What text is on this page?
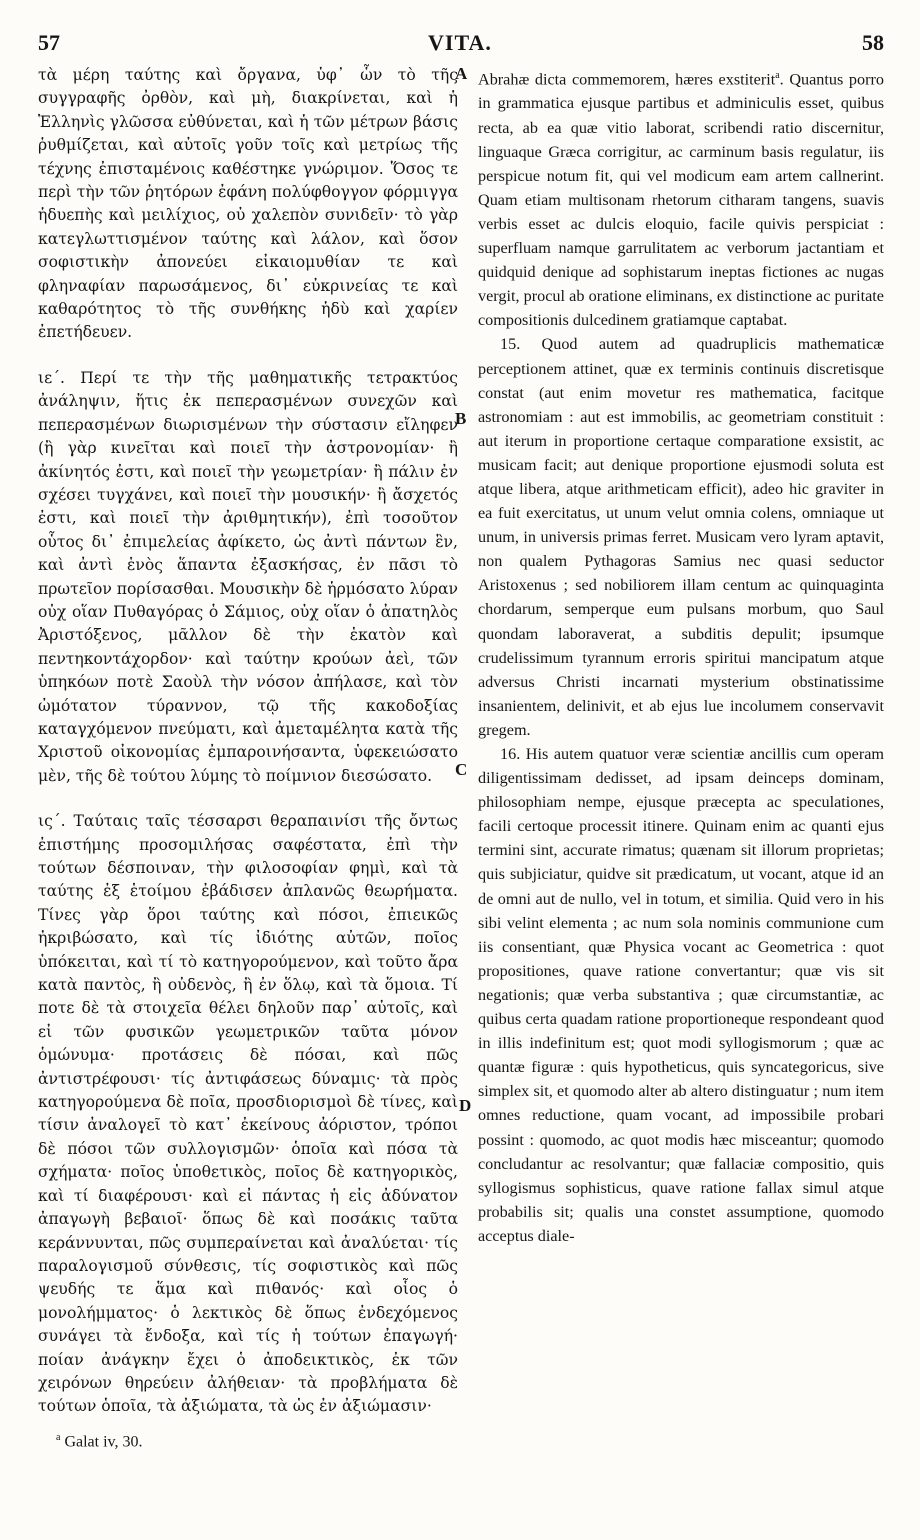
57	VITA.	58

τὰ μέρη ταύτης καὶ ὄργανα, ὑφ᾽ ὧν τὸ τῆς συγγραφῆς ὀρθὸν, καὶ μὴ, διακρίνεται, καὶ ἡ Ἑλληνὶς γλῶσσα εὐθύνεται, καὶ ἡ τῶν μέτρων βάσις ῥυθμίζεται, καὶ αὐτοῖς γοῦν τοῖς καὶ μετρίως τῆς τέχνης ἐπισταμένοις καθέστηκε γνώριμον. Ὅσος τε περὶ τὴν τῶν ῥητόρων ἐφάνη πολύφθογγον φόρμιγγα ἡδυεπὴς καὶ μειλίχιος, οὐ χαλεπὸν συνιδεῖν· τὸ γὰρ κατεγλωττισμένον ταύτης καὶ λάλον, καὶ ὅσον σοφιστικὴν ἀπονεύει εἰκαιομυθίαν τε καὶ φληναφίαν παρωσάμενος, δι᾽ εὐκρινείας τε καὶ καθαρότητος τὸ τῆς συνθήκης ἡδὺ καὶ χαρίεν ἐπετήδευεν.

ιε΄. Περί τε τὴν τῆς μαθηματικῆς τετρακτύος ἀνάληψιν, ἥτις ἐκ πεπερασμένων συνεχῶν καὶ πεπερασμένων διωρισμένων τὴν σύστασιν εἴληφεν (ἢ γὰρ κινεῖται καὶ ποιεῖ τὴν ἀστρονομίαν· ἢ ἀκίνητός ἐστι, καὶ ποιεῖ τὴν γεωμετρίαν· ἢ πάλιν ἐν σχέσει τυγχάνει, καὶ ποιεῖ τὴν μουσικήν· ἢ ἄσχετός ἐστι, καὶ ποιεῖ τὴν ἀριθμητικήν), ἐπὶ τοσοῦτον οὗτος δι᾽ ἐπιμελείας ἀφίκετο, ὡς ἀντὶ πάντων ἓν, καὶ ἀντὶ ἑνὸς ἅπαντα ἐξασκήσας, ἐν πᾶσι τὸ πρωτεῖον πορίσασθαι. Μουσικὴν δὲ ἡρμόσατο λύραν οὐχ οἵαν Πυθαγόρας ὁ Σάμιος, οὐχ οἵαν ὁ ἀπατηλὸς Ἀριστόξενος, μᾶλλον δὲ τὴν ἑκατὸν καὶ πεντηκοντάχορδον· καὶ ταύτην κρούων ἀεὶ, τῶν ὑπηκόων ποτὲ Σαοὺλ τὴν νόσον ἀπήλασε, καὶ τὸν ὠμότατον τύραννον, τῷ τῆς κακοδοξίας καταγχόμενον πνεύματι, καὶ ἀμεταμέλητα κατὰ τῆς Χριστοῦ οἰκονομίας ἐμπαροινήσαντα, ὑφεκειώσατο μὲν, τῆς δὲ τούτου λύμης τὸ ποίμνιον διεσώσατο.

ις΄. Ταύταις ταῖς τέσσαρσι θεραπαινίσι τῆς ὄντως ἐπιστήμης προσομιλήσας σαφέστατα, ἐπὶ τὴν τούτων δέσποιναν, τὴν φιλοσοφίαν φημὶ, καὶ τὰ ταύτης ἐξ ἑτοίμου ἐβάδισεν ἀπλανῶς θεωρήματα. Τίνες γὰρ ὅροι ταύτης καὶ πόσοι, ἐπιεικῶς ἠκριβώσατο, καὶ τίς ἰδιότης αὐτῶν, ποῖος ὑπόκειται, καὶ τί τὸ κατηγορούμενον, καὶ τοῦτο ἄρα κατὰ παντὸς, ἢ οὐδενὸς, ἢ ἐν ὅλῳ, καὶ τὰ ὅμοια. Τί ποτε δὲ τὰ στοιχεῖα θέλει δηλοῦν παρ᾽ αὐτοῖς, καὶ εἰ τῶν φυσικῶν γεωμετρικῶν ταῦτα μόνον ὁμώνυμα· προτάσεις δὲ πόσαι, καὶ πῶς ἀντιστρέφουσι· τίς ἀντιφάσεως δύναμις· τὰ πρὸς κατηγορούμενα δὲ ποῖα, προσδιορισμοὶ δὲ τίνες, καὶ τίσιν ἀναλογεῖ τὸ κατ᾽ ἐκείνους ἀόριστον, τρόποι δὲ πόσοι τῶν συλλογισμῶν· ὁποῖα καὶ πόσα τὰ σχήματα· ποῖος ὑποθετικὸς, ποῖος δὲ κατηγορικὸς, καὶ τί διαφέρουσι· καὶ εἰ πάντας ἡ εἰς ἀδύνατον ἀπαγωγὴ βεβαιοῖ· ὅπως δὲ καὶ ποσάκις ταῦτα κεράννυνται, πῶς συμπεραίνεται καὶ ἀναλύεται· τίς παραλογισμοῦ σύνθεσις, τίς σοφιστικὸς καὶ πῶς ψευδής τε ἅμα καὶ πιθανός· καὶ οἷος ὁ μονολήμματος· ὁ λεκτικὸς δὲ ὅπως ἐνδεχόμενος συνάγει τὰ ἔνδοξα, καὶ τίς ἡ τούτων ἐπαγωγή· ποίαν ἀνάγκην ἔχει ὁ ἀποδεικτικὸς, ἐκ τῶν χειρόνων θηρεύειν ἀλήθειαν· τὰ προβλήματα δὲ τούτων ὁποῖα, τὰ ἀξιώματα, τὰ ὡς ἐν ἀξιώμασιν·

A
B
C
D

Abrahæ dicta commemorem, hæres exstiterit$^a$. Quantus porro in grammatica ejusque partibus et adminiculis esset, quibus recta, ab ea quæ vitio laborat, scribendi ratio discernitur, linguaque Græca corrigitur, ac carminum basis regulatur, iis perspicue notum fit, qui vel modicum eam artem callnerint. Quam etiam multisonam rhetorum citharam tangens, suavis verbis esset ac dulcis eloquio, facile quivis perspiciat : superfluam namque garrulitatem ac verborum jactantiam et quidquid denique ad sophistarum ineptas fictiones ac nugas vergit, procul ab oratione eliminans, ex distinctione ac puritate compositionis dulcedinem gratiamque captabat.

15. Quod autem ad quadruplicis mathematicæ perceptionem attinet, quæ ex terminis continuis discretisque constat (aut enim movetur res mathematica, facitque astronomiam : aut est immobilis, ac geometriam constituit : aut iterum in proportione certaque comparatione exsistit, ac musicam facit; aut denique proportione ejusmodi soluta est atque libera, atque arithmeticam efficit), adeo hic graviter in ea fuit exercitatus, ut unum velut omnia colens, omniaque ut unum, in universis primas ferret. Musicam vero lyram aptavit, non qualem Pythagoras Samius nec quasi seductor Aristoxenus ; sed nobiliorem illam centum ac quinquaginta chordarum, semperque eum pulsans morbum, quo Saul quondam laboraverat, a subditis depulit; ipsumque crudelissimum tyrannum erroris spiritui mancipatum atque adversus Christi incarnati mysterium obstinatissime insanientem, delinivit, et ab ejus lue incolumem conservavit gregem.

16. His autem quatuor veræ scientiæ ancillis cum operam diligentissimam dedisset, ad ipsam deinceps dominam, philosophiam nempe, ejusque præcepta ac speculationes, facili certoque processit itinere. Quinam enim ac quanti ejus termini sint, accurate rimatus; quænam sit illorum proprietas; quis subjiciatur, quidve sit prædicatum, ut vocant, atque id an de omni aut de nullo, vel in totum, et similia. Quid vero in his sibi velint elementa ; ac num sola nominis communione cum iis consentiant, quæ Physica vocant ac Geometrica : quot propositiones, quave ratione convertantur; quæ vis sit negationis; quæ verba substantiva ; quæ circumstantiæ, ac quibus certa quadam ratione proportioneque respondeant quod in illis indefinitum est; quot modi syllogismorum ; quæ ac quantæ figuræ : quis hypotheticus, quis syncategoricus, sive simplex sit, et quomodo alter ab altero distinguatur ; num item omnes reductione, quam vocant, ad impossibile probari possint : quomodo, ac quot modis hæc misceantur; quomodo concludantur ac resolvantur; quæ fallaciæ compositio, quis syllogismus sophisticus, quave ratione fallax simul atque probabilis sit; qualis una constet assumptione, quomodo acceptus diale-

$^a$ Galat iv, 30.
